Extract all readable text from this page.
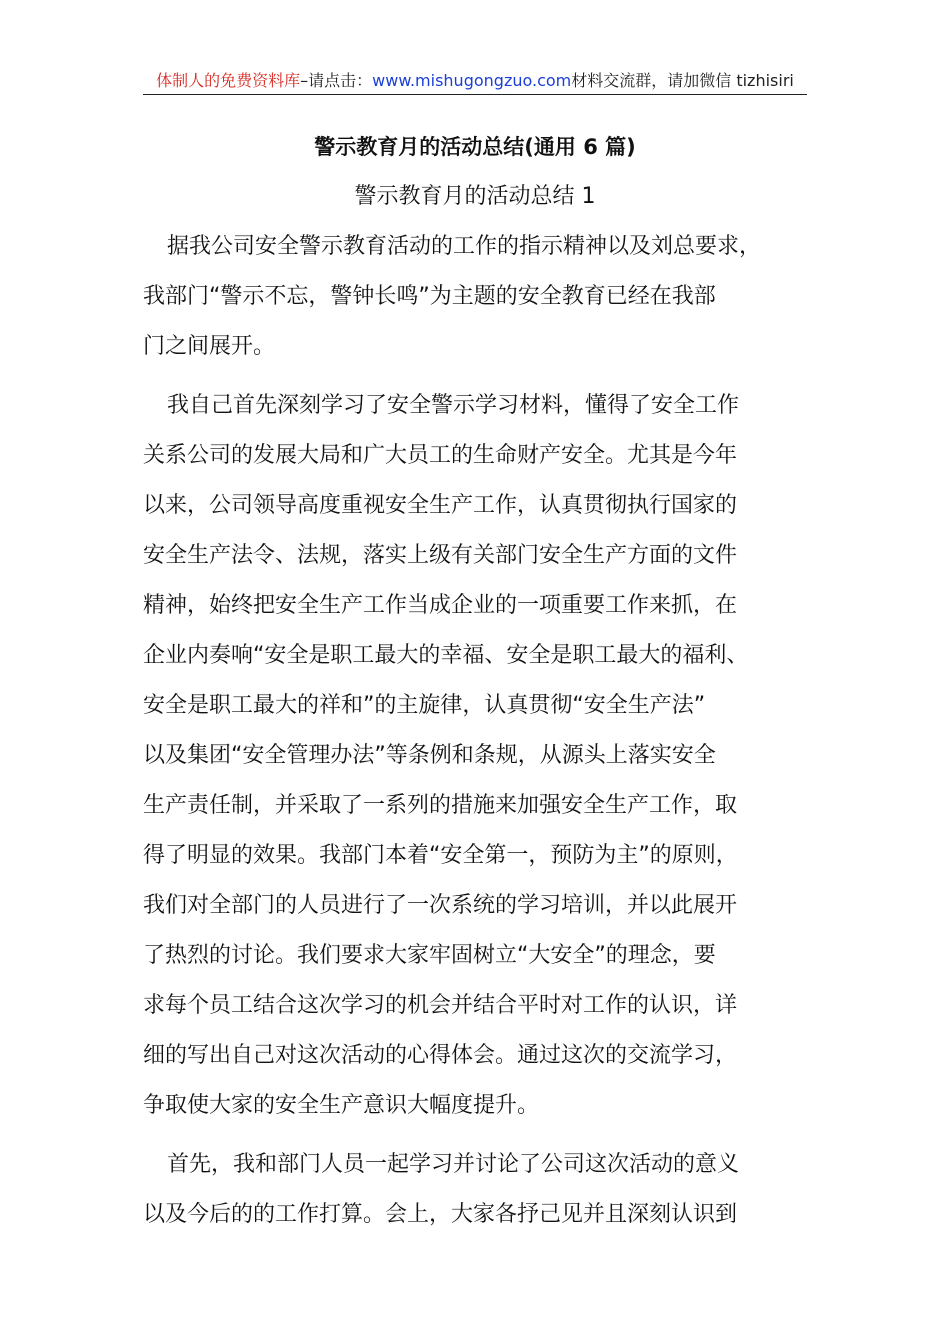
体制人的免费资料库–请点击：www.mishugongzuo.com材料交流群，请加微信 tizhisiri
警示教育月的活动总结(通用 6 篇)
警示教育月的活动总结 1
据我公司安全警示教育活动的工作的指示精神以及刘总要求，
我部门“警示不忘，警钟长鸣”为主题的安全教育已经在我部
门之间展开。
我自己首先深刻学习了安全警示学习材料，懂得了安全工作
关系公司的发展大局和广大员工的生命财产安全。尤其是今年
以来，公司领导高度重视安全生产工作，认真贯彻执行国家的
安全生产法令、法规，落实上级有关部门安全生产方面的文件
精神，始终把安全生产工作当成企业的一项重要工作来抓，在
企业内奏响“安全是职工最大的幸福、安全是职工最大的福利、
安全是职工最大的祥和”的主旋律，认真贯彻“安全生产法”
以及集团“安全管理办法”等条例和条规，从源头上落实安全
生产责任制，并采取了一系列的措施来加强安全生产工作，取
得了明显的效果。我部门本着“安全第一，预防为主”的原则，
我们对全部门的人员进行了一次系统的学习培训，并以此展开
了热烈的讨论。我们要求大家牢固树立“大安全”的理念，要
求每个员工结合这次学习的机会并结合平时对工作的认识，详
细的写出自己对这次活动的心得体会。通过这次的交流学习，
争取使大家的安全生产意识大幅度提升。
首先，我和部门人员一起学习并讨论了公司这次活动的意义
以及今后的的工作打算。会上，大家各抒己见并且深刻认识到
